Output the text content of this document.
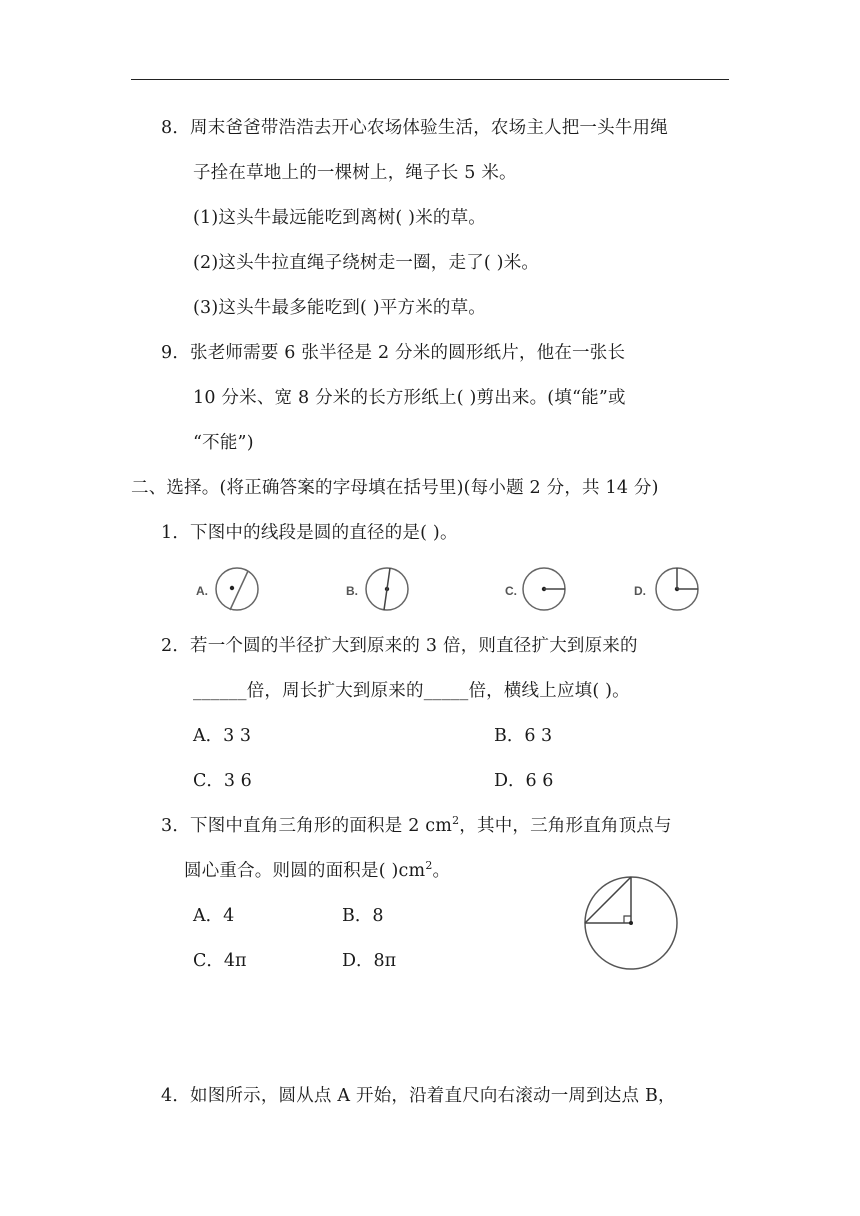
8．周末爸爸带浩浩去开心农场体验生活，农场主人把一头牛用绳
子拴在草地上的一棵树上，绳子长 5 米。
(1)这头牛最远能吃到离树( )米的草。
(2)这头牛拉直绳子绕树走一圈，走了( )米。
(3)这头牛最多能吃到( )平方米的草。
9．张老师需要 6 张半径是 2 分米的圆形纸片，他在一张长
10 分米、宽 8 分米的长方形纸上( )剪出来。(填“能”或
“不能”)
二、选择。(将正确答案的字母填在括号里)(每小题 2 分，共 14 分)
1．下图中的线段是圆的直径的是( )。
A.	B.	C.	D.
2．若一个圆的半径扩大到原来的 3 倍，则直径扩大到原来的
______倍，周长扩大到原来的_____倍，横线上应填( )。
A．3 3	B．6 3
C．3 6	D．6 6
3．下图中直角三角形的面积是 2 $cm^2$，其中，三角形直角顶点与
圆心重合。则圆的面积是( )$cm^2$。
A．4	B．8
C．4π	D．8π
4．如图所示，圆从点 A 开始，沿着直尺向右滚动一周到达点 B，
